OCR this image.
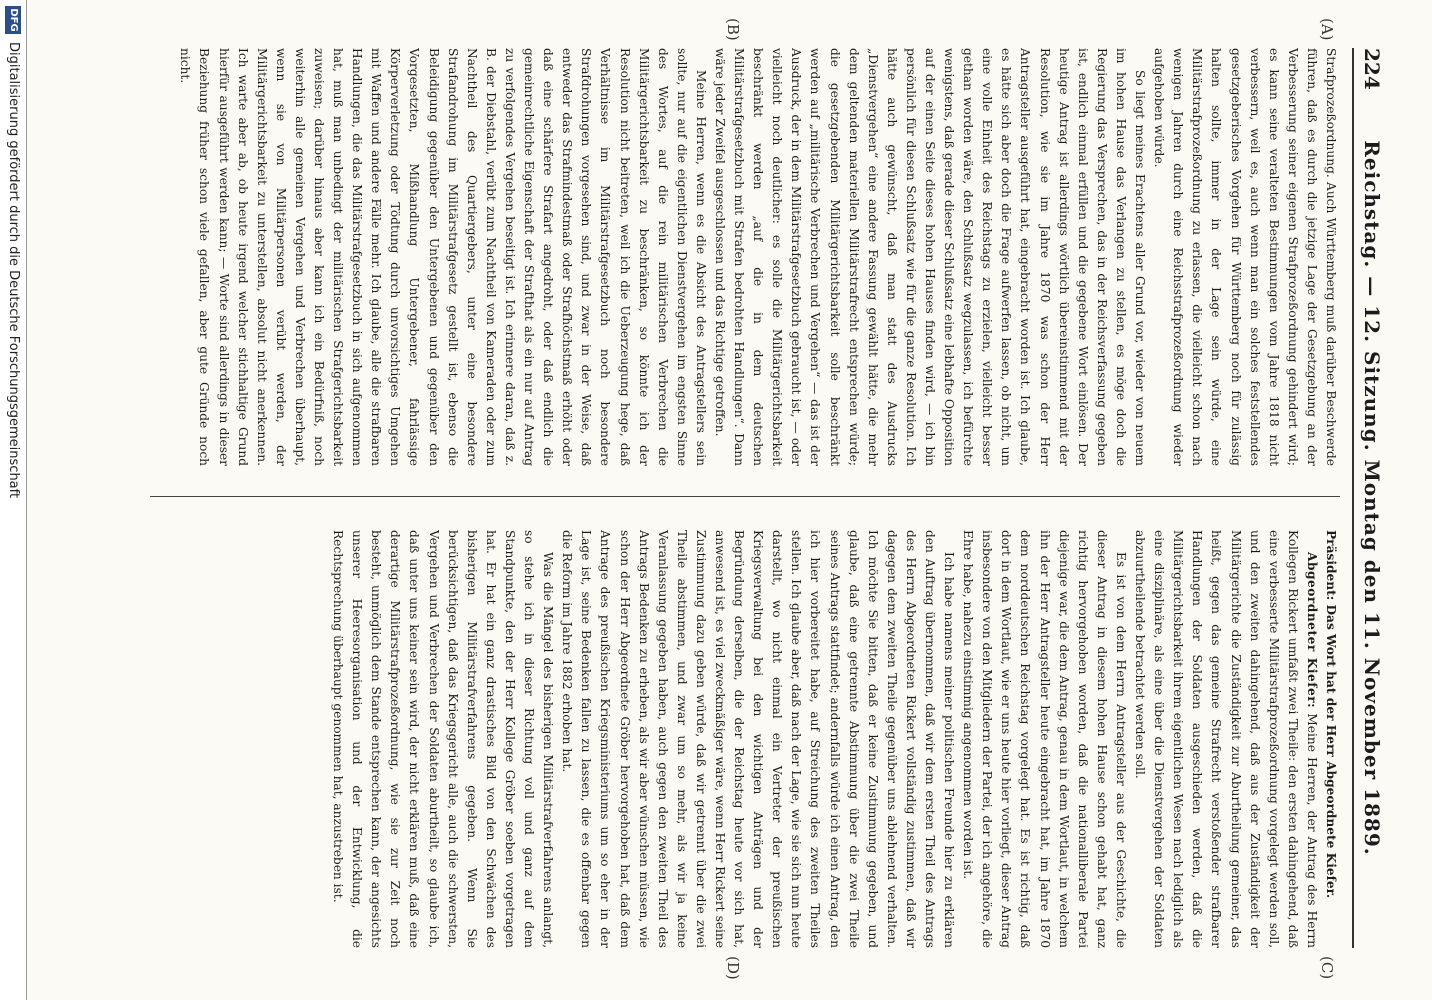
224
Reichstag. — 12. Sitzung. Montag den 11. November 1889.
(A)
(B)
(C)
(D)

Strafprozeßordnung. Auch Württemberg muß darüber Beschwerde führen, daß es durch die jetzige Lage der Gesetzgebung an der Verbesserung seiner eigenen Strafprozeßordnung gehindert wird; es kann seine veralteten Bestimmungen vom Jahre 1818 nicht verbessern, weil es, auch wenn man ein solches feststellendes gesetzgeberisches Vorgehen für Württemberg noch für zulässig halten sollte, immer in der Lage sein würde, eine Militärstrafprozeßordnung zu erlassen, die vielleicht schon nach wenigen Jahren durch eine Reichsstrafprozeßordnung wieder aufgehoben würde.

So liegt meines Erachtens aller Grund vor, wieder von neuem im hohen Hause das Verlangen zu stellen, es möge doch die Regierung das Versprechen, das in der Reichsverfassung gegeben ist, endlich einmal erfüllen und die gegebene Wort einlösen. Der heutige Antrag ist allerdings wörtlich übereinstimmend mit der Resolution, wie sie im Jahre 1870 was schon der Herr Antragsteller ausgeführt hat, eingebracht worden ist. Ich glaube, es hätte sich aber doch die Frage aufwerfen lassen, ob nicht, um eine volle Einheit des Reichstags zu erzielen, vielleicht besser gethan worden wäre, den Schlußsatz wegzulassen, ich befürchte wenigstens, daß gerade dieser Schlußsatz eine lebhafte Opposition auf der einen Seite dieses hohen Hauses finden wird, — ich bin persönlich für diesen Schlußsatz wie für die ganze Resolution. Ich hätte auch gewünscht, daß man statt des Ausdrucks „Dienstvergehen“ eine andere Fassung gewählt hätte, die mehr dem geltenden materiellen Militärstrafrecht entsprechen würde; die gesetzgebenden Militärgerichtsbarkeit solle beschränkt werden auf „militärische Verbrechen und Vergehen“ — das ist der Ausdruck, der in dem Militärstrafgesetzbuch gebraucht ist, — oder vielleicht noch deutlicher: es solle die Militärgerichtsbarkeit beschränkt werden „auf die in dem deutschen Militärstrafgesetzbuch mit Strafen bedrohten Handlungen“. Dann wäre jeder Zweifel ausgeschlossen und das Richtige getroffen.

Meine Herren, wenn es die Absicht des Antragstellers sein sollte, nur auf die eigentlichen Dienstvergehen im engsten Sinne des Wortes, auf die rein militärischen Verbrechen die Militärgerichtsbarkeit zu beschränken, so könnte ich der Resolution nicht beitreten, weil ich die Ueberzeugung hege, daß Verhältnisse im Militärstrafgesetzbuch noch besondere Strafdrohungen vorgesehen sind, und zwar in der Weise, daß entweder das Strafmindestmaß oder Strafhöchstmaß erhöht oder daß eine schärfere Strafart angedroht, oder daß endlich die gemeinrechtliche Eigenschaft der Strafthat als ein nur auf Antrag zu verfolgendes Vergehen beseitigt ist. Ich erinnere daran, daß z. B. der Diebstahl, verübt zum Nachtheil von Kameraden oder zum Nachtheil des Quartiergebers, unter eine besondere Strafandrohung im Militärstrafgesetz gestellt ist, ebenso die Beleidigung gegenüber den Untergebenen und gegenüber den Vorgesetzten, Mißhandlung Untergebener, fahrlässige Körperverletzung oder Tödtung durch unvorsichtiges Umgehen mit Waffen und andere Fälle mehr. Ich glaube, alle die strafbaren Handlungen, die das Militärstrafgesetzbuch in sich aufgenommen hat, muß man unbedingt der militärischen Strafgerichtsbarkeit zuweisen; darüber hinaus aber kann ich ein Bedürfniß, noch weiterhin alle gemeinen Vergehen und Verbrechen überhaupt, wenn sie von Militärpersonen verübt werden, der Militärgerichtsbarkeit zu unterstellen, absolut nicht anerkennen. Ich warte aber ab, ob heute irgend welcher stichhaltige Grund hierfür ausgeführt werden kann; — Worte sind allerdings in dieser Beziehung früher schon viele gefallen, aber gute Gründe noch nicht.

Präsident: Das Wort hat der Herr Abgeordnete Kiefer.

Abgeordneter Kiefer: Meine Herren, der Antrag des Herrn Kollegen Rickert umfaßt zwei Theile: den ersten dahingehend, daß eine verbesserte Militärstrafprozeßordnung vorgelegt werden soll, und den zweiten dahingehend, daß aus der Zuständigkeit der Militärgerichte die Zuständigkeit zur Aburtheilung gemeiner, das heißt, gegen das gemeine Strafrecht verstoßender strafbarer Handlungen der Soldaten ausgeschieden werden, daß die Militärgerichtsbarkeit ihrem eigentlichen Wesen nach lediglich als eine disziplinäre, als eine über die Dienstvergehen der Soldaten abzuurtheilende betrachtet werden soll.

Es ist von dem Herrn Antragsteller aus der Geschichte, die dieser Antrag in diesem hohen Hause schon gehabt hat, ganz richtig hervorgehoben worden, daß die nationalliberale Partei diejenige war, die dem Antrag, genau in dem Wortlaut, in welchem ihn der Herr Antragsteller heute eingebracht hat, im Jahre 1870 dem norddeutschen Reichstag vorgelegt hat. Es ist richtig, daß dort in dem Wortlaut, wie er uns heute hier vorliegt, dieser Antrag insbesondere von den Mitgliedern der Partei, der ich angehöre, die Ehre habe, nahezu einstimmig angenommen worden ist.

Ich habe namens meiner politischen Freunde hier zu erklären den Auftrag übernommen, daß wir dem ersten Theil des Antrags des Herrn Abgeordneten Rickert vollständig zustimmen, daß wir dagegen dem zweiten Theile gegenüber uns ablehnend verhalten. Ich möchte Sie bitten, daß er keine Zustimmung gegeben, und glaube, daß eine getrennte Abstimmung über die zwei Theile seines Antrags stattfindet; andernfalls würde ich einen Antrag, den ich hier vorbereitet habe, auf Streichung des zweiten Theiles stellen. Ich glaube aber, daß nach der Lage, wie sie sich nun heute darstellt, wo nicht einmal ein Vertreter der preußischen Kriegsverwaltung bei den wichtigen Anträgen und der Begründung derselben, die der Reichstag heute vor sich hat, anwesend ist, es viel zweckmäßiger wäre, wenn Herr Rickert seine Zustimmung dazu geben würde, daß wir getrennt über die zwei Theile abstimmen, und zwar um so mehr, als wir ja keine Veranlassung gegeben haben, auch gegen den zweiten Theil des Antrags Bedenken zu erheben, als wir aber wünschen müssen, wie schon der Herr Abgeordnete Gröber hervorgehoben hat, daß dem Antrage des preußischen Kriegsministeriums um so eher in der Lage ist, seine Bedenken fallen zu lassen, die es offenbar gegen die Reform im Jahre 1882 erhoben hat.

Was die Mängel des bisherigen Militärstrafverfahrens anlangt, so stehe ich in dieser Richtung voll und ganz auf dem Standpunkte, den der Herr Kollege Gröber soeben vorgetragen hat. Er hat ein ganz drastisches Bild von den Schwächen des bisherigen Militärstrafverfahrens gegeben. Wenn Sie berücksichtigen, daß das Kriegsgericht alle, auch die schwersten, Vergehen und Verbrechen der Soldaten aburtheilt, so glaube ich, daß unter uns keiner sein wird, der nicht erklären muß, daß eine derartige Militärstrafprozeßordnung, wie sie zur Zeit noch besteht, unmöglich dem Stande entsprechen kann, der angesichts unserer Heeresorganisation und der Entwicklung, die Rechtsprechung überhaupt genommen hat, anzustreben ist.

DFG
Digitalisierung gefördert durch die Deutsche Forschungsgemeinschaft
